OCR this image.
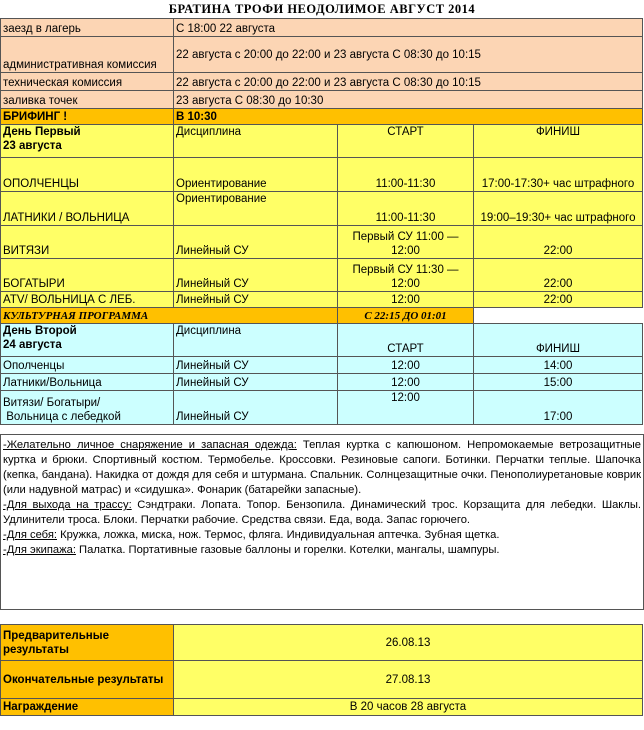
БРАТИНА ТРОФИ НЕОДОЛИМОЕ АВГУСТ 2014
заезд в лагерь	С 18:00 22 августа		
административная комиссия	22 августа с 20:00 до 22:00 и 23 августа С 08:30 до 10:15		
техническая комиссия	22 августа с 20:00 до 22:00 и 23 августа С 08:30 до 10:15		
заливка точек	23 августа С 08:30 до 10:30		
БРИФИНГ !	В 10:30		

День Первый
23 августа	Дисциплина	СТАРТ	ФИНИШ
ОПОЛЧЕНЦЫ	Ориентирование	11:00-11:30	17:00-17:30+ час штрафного
ЛАТНИКИ / ВОЛЬНИЦА	Ориентирование	11:00-11:30	19:00–19:30+ час штрафного
ВИТЯЗИ	Линейный СУ	Первый СУ 11:00 — 12:00	22:00
БОГАТЫРИ	Линейный СУ	Первый СУ 11:30 — 12:00	22:00
ATV/ ВОЛЬНИЦА С ЛЕБ.	Линейный СУ	12:00	22:00
КУЛЬТУРНАЯ ПРОГРАММА		С 22:15 ДО 01:01	

День Второй
24 августа	Дисциплина	СТАРТ	ФИНИШ
Ополченцы	Линейный СУ	12:00	14:00
Латники/Вольница	Линейный СУ	12:00	15:00

Витязи/ Богатыри/
Вольница с лебедкой	Линейный СУ	12:00	17:00
-Желательно личное снаряжение и запасная одежда: Теплая куртка с капюшоном. Непромокаемые ветрозащитные куртка и брюки. Спортивный костюм. Термобелье. Кроссовки. Резиновые сапоги. Ботинки. Перчатки теплые. Шапочка (кепка, бандана). Накидка от дождя для себя и штурмана. Спальник. Солнцезащитные очки. Пенополиуретановые коврик (или надувной матрас) и «сидушка». Фонарик (батарейки запасные).
-Для выхода на трассу: Сэндтраки. Лопата. Топор. Бензопила. Динамический трос. Корзащита для лебедки. Шаклы. Удлинители троса. Блоки. Перчатки рабочие. Средства связи. Еда, вода. Запас горючего.
-Для себя: Кружка, ложка, миска, нож. Термос, фляга. Индивидуальная аптечка. Зубная щетка.
-Для экипажа: Палатка. Портативные газовые баллоны и горелки. Котелки, мангалы, шампуры.
Предварительные результаты	26.08.13
Окончательные результаты	27.08.13
Награждение	В 20 часов 28 августа
